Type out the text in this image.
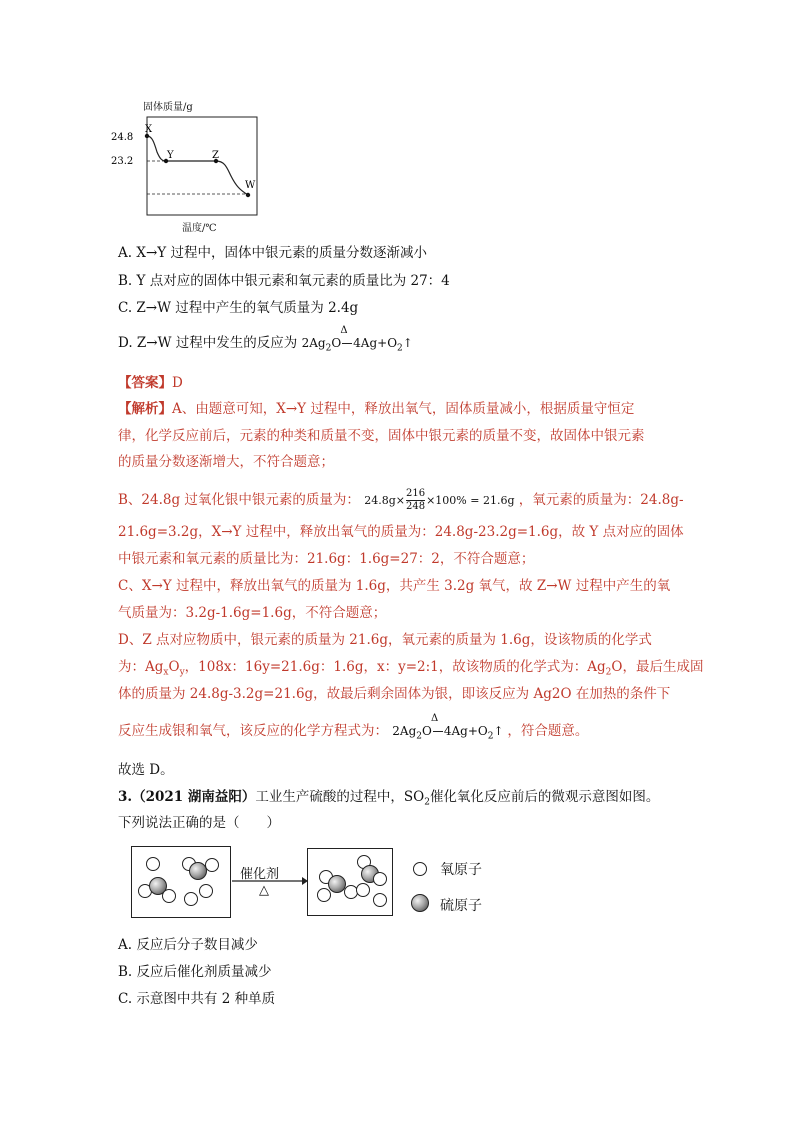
固体质量/g
24.8
23.2
X
Y	Z
W
温度/℃
A. X→Y 过程中，固体中银元素的质量分数逐渐减小
B. Y 点对应的固体中银元素和氧元素的质量比为 27：4
C. Z→W 过程中产生的氧气质量为 2.4g
D. Z→W 过程中发生的反应为 $2Ag_2O$
Δ
$4Ag+O_2↑$
【答案】D
【解析】A、由题意可知，X→Y 过程中，释放出氧气，固体质量减小，根据质量守恒定
律，化学反应前后，元素的种类和质量不变，固体中银元素的质量不变，故固体中银元素
的质量分数逐渐增大，不符合题意；
B、24.8g 过氧化银中银元素的质量为： $24.8g\times \frac{216}{248} \times 100\% = 21.6g$ ，氧元素的质量为：24.8g-
21.6g=3.2g，X→Y 过程中，释放出氧气的质量为：24.8g-23.2g=1.6g，故 Y 点对应的固体
中银元素和氧元素的质量比为：21.6g：1.6g=27：2，不符合题意；
C、X→Y 过程中，释放出氧气的质量为 1.6g，共产生 3.2g 氧气，故 Z→W 过程中产生的氧
气质量为：3.2g-1.6g=1.6g，不符合题意；
D、Z 点对应物质中，银元素的质量为 21.6g，氧元素的质量为 1.6g，设该物质的化学式
为：$Ag_xO_y$，108x：16y=21.6g：1.6g，x：y=2:1，故该物质的化学式为：$Ag_2O$，最后生成固
体的质量为 24.8g-3.2g=21.6g，故最后剩余固体为银，即该反应为 Ag2O 在加热的条件下
反应生成银和氧气，该反应的化学方程式为： $2Ag_2O$
Δ
$4Ag+O_2↑$ ，符合题意。
故选 D。
3.（2021 湖南益阳）工业生产硫酸的过程中，$SO_2$催化氧化反应前后的微观示意图如图。
下列说法正确的是（　　）
催化剂
△
氧原子
硫原子
A. 反应后分子数目减少
B. 反应后催化剂质量减少
C. 示意图中共有 2 种单质
